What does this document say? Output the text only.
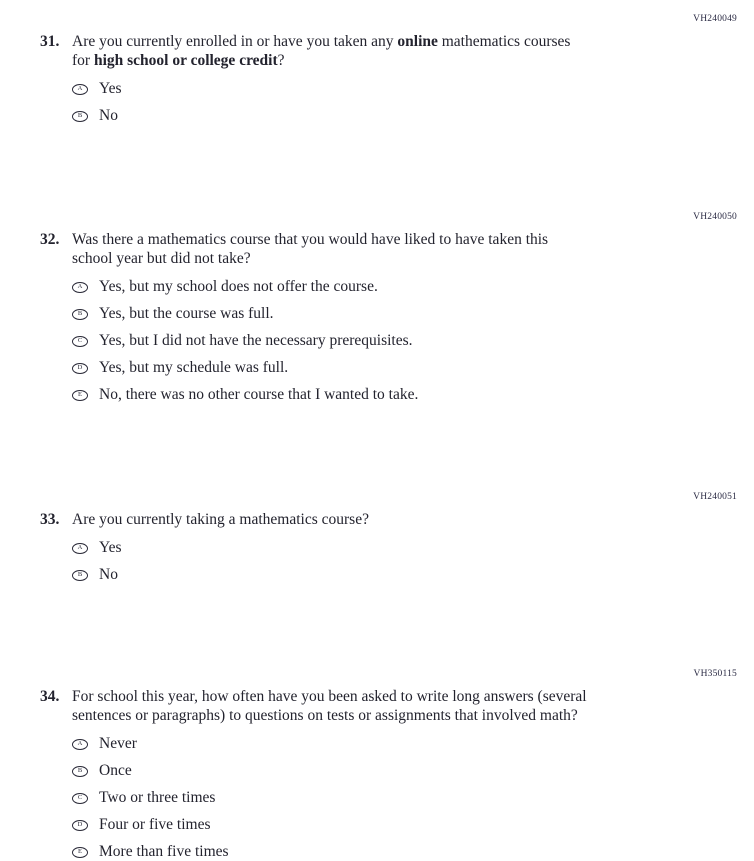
VH240049
31. Are you currently enrolled in or have you taken any online mathematics courses
for high school or college credit?
A Yes
B No
VH240050
32. Was there a mathematics course that you would have liked to have taken this
school year but did not take?
A Yes, but my school does not offer the course.
B Yes, but the course was full.
C Yes, but I did not have the necessary prerequisites.
D Yes, but my schedule was full.
E No, there was no other course that I wanted to take.
VH240051
33. Are you currently taking a mathematics course?
A Yes
B No
VH350115
34. For school this year, how often have you been asked to write long answers (several
sentences or paragraphs) to questions on tests or assignments that involved math?
A Never
B Once
C Two or three times
D Four or five times
E More than five times
